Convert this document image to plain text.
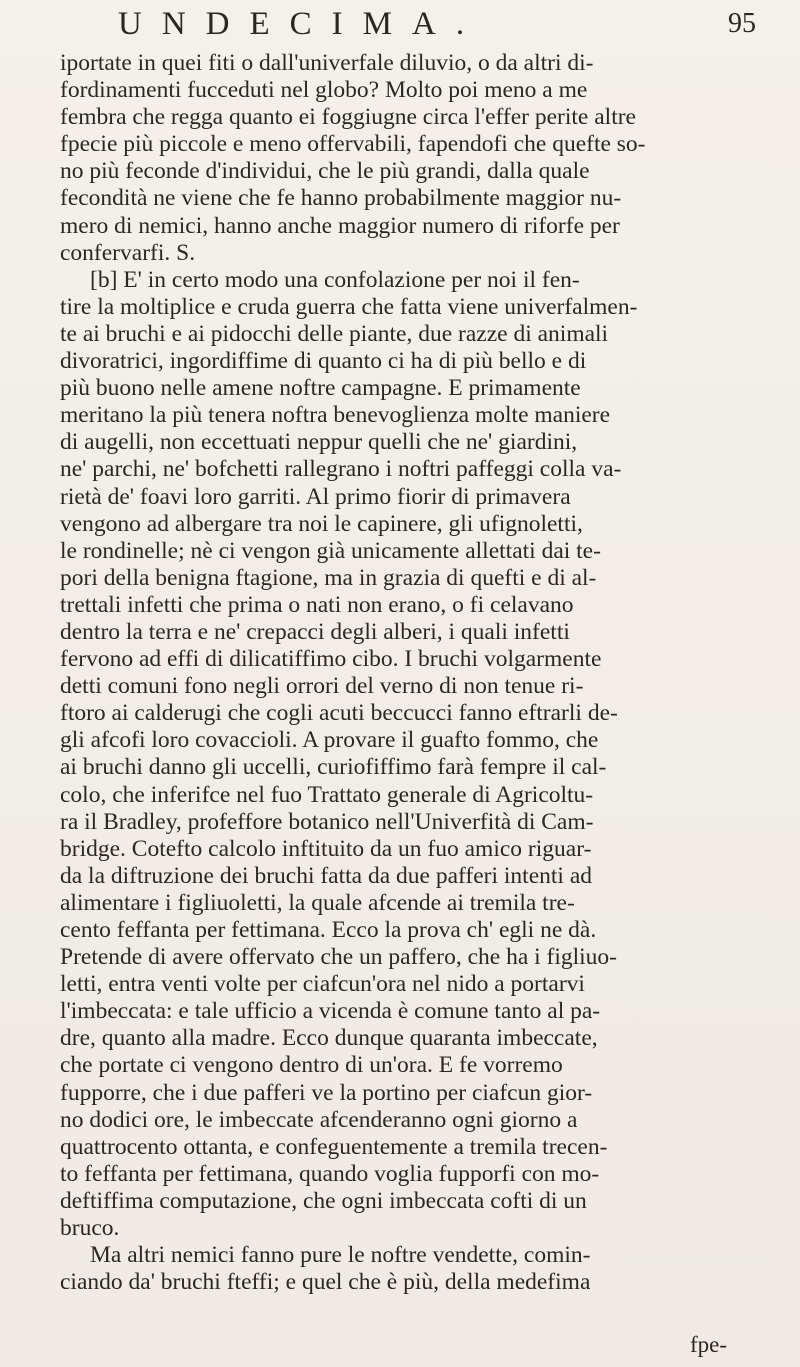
UNDECIMA.	95
iportate in quei fiti o dall'univerfale diluvio, o da altri di-
fordinamenti fucceduti nel globo? Molto poi meno a me
fembra che regga quanto ei foggiugne circa l'effer perite altre
fpecie più piccole e meno offervabili, fapendofi che quefte so-
no più feconde d'individui, che le più grandi, dalla quale
fecondità ne viene che fe hanno probabilmente maggior nu-
mero di nemici, hanno anche maggior numero di riforfe per
confervarfi. S.
[b] E' in certo modo una confolazione per noi il fen-
tire la moltiplice e cruda guerra che fatta viene univerfalmen-
te ai bruchi e ai pidocchi delle piante, due razze di animali
divoratrici, ingordiffime di quanto ci ha di più bello e di
più buono nelle amene noftre campagne. E primamente
meritano la più tenera noftra benevoglienza molte maniere
di augelli, non eccettuati neppur quelli che ne' giardini,
ne' parchi, ne' bofchetti rallegrano i noftri paffeggi colla va-
rietà de' foavi loro garriti. Al primo fiorir di primavera
vengono ad albergare tra noi le capinere, gli ufignoletti,
le rondinelle; nè ci vengon già unicamente allettati dai te-
pori della benigna ftagione, ma in grazia di quefti e di al-
trettali infetti che prima o nati non erano, o fi celavano
dentro la terra e ne' crepacci degli alberi, i quali infetti
fervono ad effi di dilicatiffimo cibo. I bruchi volgarmente
detti comuni fono negli orrori del verno di non tenue ri-
ftoro ai calderugi che cogli acuti beccucci fanno eftrarli de-
gli afcofi loro covaccioli. A provare il guafto fommo, che
ai bruchi danno gli uccelli, curiofiffimo farà fempre il cal-
colo, che inferifce nel fuo Trattato generale di Agricoltu-
ra il Bradley, profeffore botanico nell'Univerfità di Cam-
bridge. Cotefto calcolo inftituito da un fuo amico riguar-
da la diftruzione dei bruchi fatta da due pafferi intenti ad
alimentare i figliuoletti, la quale afcende ai tremila tre-
cento feffanta per fettimana. Ecco la prova ch' egli ne dà.
Pretende di avere offervato che un paffero, che ha i figliuo-
letti, entra venti volte per ciafcun'ora nel nido a portarvi
l'imbeccata: e tale ufficio a vicenda è comune tanto al pa-
dre, quanto alla madre. Ecco dunque quaranta imbeccate,
che portate ci vengono dentro di un'ora. E fe vorremo
fupporre, che i due pafferi ve la portino per ciafcun gior-
no dodici ore, le imbeccate afcenderanno ogni giorno a
quattrocento ottanta, e confeguentemente a tremila trecen-
to feffanta per fettimana, quando voglia fupporfi con mo-
deftiffima computazione, che ogni imbeccata cofti di un
bruco.
Ma altri nemici fanno pure le noftre vendette, comin-
ciando da' bruchi fteffi; e quel che è più, della medefima
fpe-
